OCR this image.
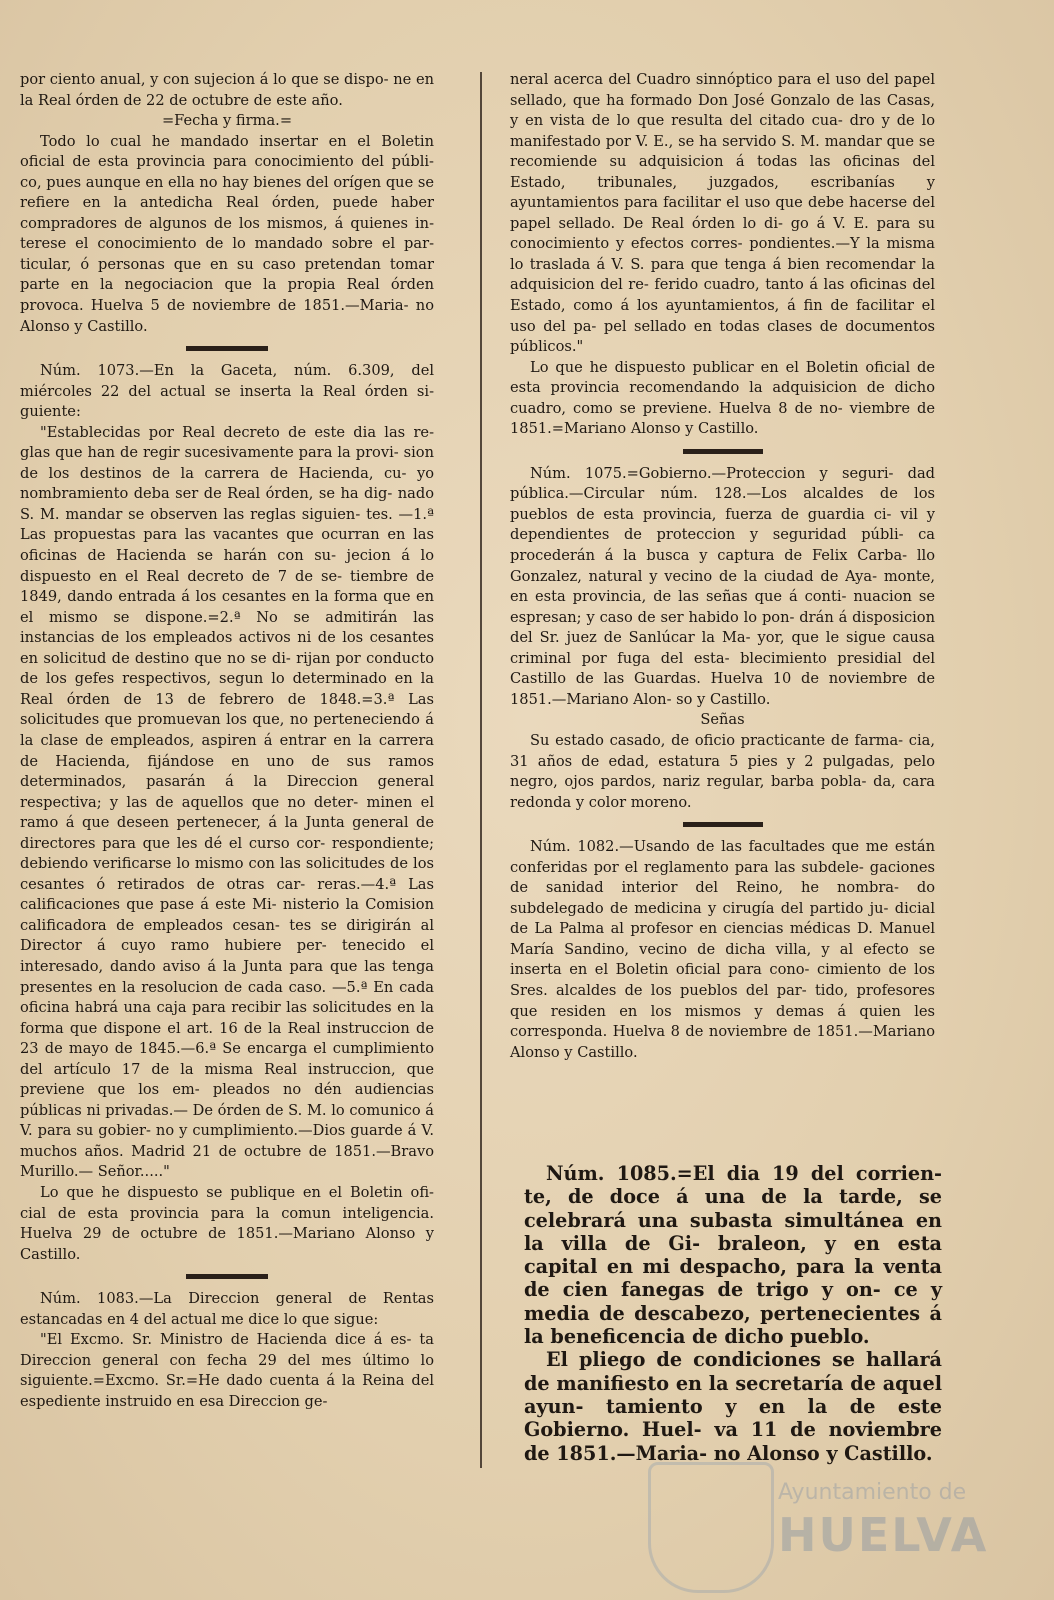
por ciento anual, y con sujecion á lo que se dispo- ne en la Real órden de 22 de octubre de este año.

=Fecha y firma.=

Todo lo cual he mandado insertar en el Boletin oficial de esta provincia para conocimiento del públi- co, pues aunque en ella no hay bienes del orígen que se refiere en la antedicha Real órden, puede haber compradores de algunos de los mismos, á quienes in- terese el conocimiento de lo mandado sobre el par- ticular, ó personas que en su caso pretendan tomar parte en la negociacion que la propia Real órden provoca. Huelva 5 de noviembre de 1851.—Maria- no Alonso y Castillo.

Núm. 1073.—En la Gaceta, núm. 6.309, del miércoles 22 del actual se inserta la Real órden si- guiente:

"Establecidas por Real decreto de este dia las re- glas que han de regir sucesivamente para la provi- sion de los destinos de la carrera de Hacienda, cu- yo nombramiento deba ser de Real órden, se ha dig- nado S. M. mandar se observen las reglas siguien- tes. —1.ª Las propuestas para las vacantes que ocurran en las oficinas de Hacienda se harán con su- jecion á lo dispuesto en el Real decreto de 7 de se- tiembre de 1849, dando entrada á los cesantes en la forma que en el mismo se dispone.=2.ª No se admitirán las instancias de los empleados activos ni de los cesantes en solicitud de destino que no se di- rijan por conducto de los gefes respectivos, segun lo determinado en la Real órden de 13 de febrero de 1848.=3.ª Las solicitudes que promuevan los que, no perteneciendo á la clase de empleados, aspiren á entrar en la carrera de Hacienda, fijándose en uno de sus ramos determinados, pasarán á la Direccion general respectiva; y las de aquellos que no deter- minen el ramo á que deseen pertenecer, á la Junta general de directores para que les dé el curso cor- respondiente; debiendo verificarse lo mismo con las solicitudes de los cesantes ó retirados de otras car- reras.—4.ª Las calificaciones que pase á este Mi- nisterio la Comision calificadora de empleados cesan- tes se dirigirán al Director á cuyo ramo hubiere per- tenecido el interesado, dando aviso á la Junta para que las tenga presentes en la resolucion de cada caso. —5.ª En cada oficina habrá una caja para recibir las solicitudes en la forma que dispone el art. 16 de la Real instruccion de 23 de mayo de 1845.—6.ª Se encarga el cumplimiento del artículo 17 de la misma Real instruccion, que previene que los em- pleados no dén audiencias públicas ni privadas.— De órden de S. M. lo comunico á V. para su gobier- no y cumplimiento.—Dios guarde á V. muchos años. Madrid 21 de octubre de 1851.—Bravo Murillo.— Señor....."

Lo que he dispuesto se publique en el Boletin ofi- cial de esta provincia para la comun inteligencia. Huelva 29 de octubre de 1851.—Mariano Alonso y Castillo.

Núm. 1083.—La Direccion general de Rentas estancadas en 4 del actual me dice lo que sigue:

"El Excmo. Sr. Ministro de Hacienda dice á es- ta Direccion general con fecha 29 del mes último lo siguiente.=Excmo. Sr.=He dado cuenta á la Reina del espediente instruido en esa Direccion ge-

neral acerca del Cuadro sinnóptico para el uso del papel sellado, que ha formado Don José Gonzalo de las Casas, y en vista de lo que resulta del citado cua- dro y de lo manifestado por V. E., se ha servido S. M. mandar que se recomiende su adquisicion á todas las oficinas del Estado, tribunales, juzgados, escribanías y ayuntamientos para facilitar el uso que debe hacerse del papel sellado. De Real órden lo di- go á V. E. para su conocimiento y efectos corres- pondientes.—Y la misma lo traslada á V. S. para que tenga á bien recomendar la adquisicion del re- ferido cuadro, tanto á las oficinas del Estado, como á los ayuntamientos, á fin de facilitar el uso del pa- pel sellado en todas clases de documentos públicos."

Lo que he dispuesto publicar en el Boletin oficial de esta provincia recomendando la adquisicion de dicho cuadro, como se previene. Huelva 8 de no- viembre de 1851.=Mariano Alonso y Castillo.

Núm. 1075.=Gobierno.—Proteccion y seguri- dad pública.—Circular núm. 128.—Los alcaldes de los pueblos de esta provincia, fuerza de guardia ci- vil y dependientes de proteccion y seguridad públi- ca procederán á la busca y captura de Felix Carba- llo Gonzalez, natural y vecino de la ciudad de Aya- monte, en esta provincia, de las señas que á conti- nuacion se espresan; y caso de ser habido lo pon- drán á disposicion del Sr. juez de Sanlúcar la Ma- yor, que le sigue causa criminal por fuga del esta- blecimiento presidial del Castillo de las Guardas. Huelva 10 de noviembre de 1851.—Mariano Alon- so y Castillo.

Señas

Su estado casado, de oficio practicante de farma- cia, 31 años de edad, estatura 5 pies y 2 pulgadas, pelo negro, ojos pardos, nariz regular, barba pobla- da, cara redonda y color moreno.

Núm. 1082.—Usando de las facultades que me están conferidas por el reglamento para las subdele- gaciones de sanidad interior del Reino, he nombra- do subdelegado de medicina y cirugía del partido ju- dicial de La Palma al profesor en ciencias médicas D. Manuel María Sandino, vecino de dicha villa, y al efecto se inserta en el Boletin oficial para cono- cimiento de los Sres. alcaldes de los pueblos del par- tido, profesores que residen en los mismos y demas á quien les corresponda. Huelva 8 de noviembre de 1851.—Mariano Alonso y Castillo.

Núm. 1085.=El dia 19 del corrien- te, de doce á una de la tarde, se celebrará una subasta simultánea en la villa de Gi- braleon, y en esta capital en mi despacho, para la venta de cien fanegas de trigo y on- ce y media de descabezo, pertenecientes á la beneficencia de dicho pueblo.

El pliego de condiciones se hallará de manifiesto en la secretaría de aquel ayun- tamiento y en la de este Gobierno. Huel- va 11 de noviembre de 1851.—Maria- no Alonso y Castillo.

Ayuntamiento de
HUELVA
